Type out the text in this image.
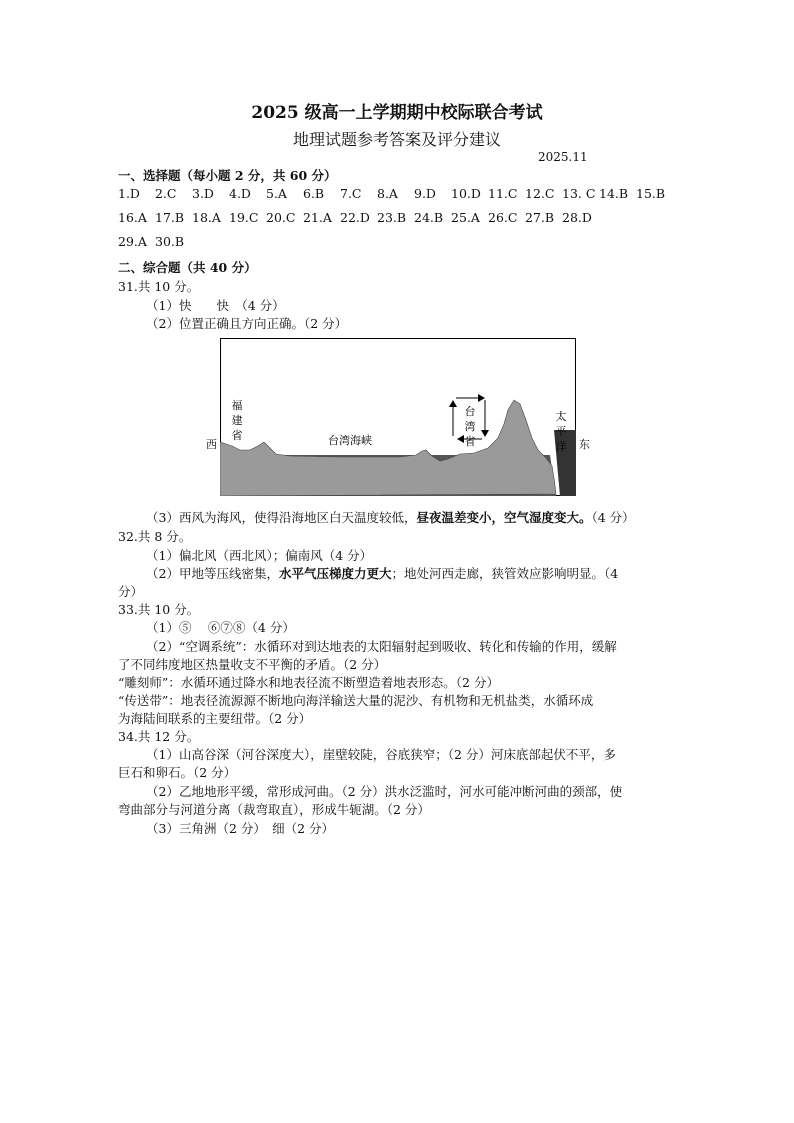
2025 级高一上学期期中校际联合考试
地理试题参考答案及评分建议
2025.11
一、选择题（每小题 2 分，共 60 分）
1.D	2.C	3.D	4.D	5.A	6.B	7.C	8.A	9.D	10.D 11.C 12.C 13. C 14.B 15.B
16.A 17.B 18.A 19.C 20.C 21.A 22.D 23.B 24.B 25.A 26.C 27.B 28.D
29.A 30.B
二、综合题（共 40 分）
31.共 10 分。
（1）快　　快　（4 分）
（2）位置正确且方向正确。（2 分）
福
建
省	台湾海峡
台
湾
省
太
平
洋
西	东
（3）西风为海风，使得沿海地区白天温度较低，昼夜温差变小，空气湿度变大。（4 分）
32.共 8 分。
（1）偏北风（西北风）；偏南风（4 分）
（2）甲地等压线密集，水平气压梯度力更大；地处河西走廊，狭管效应影响明显。（4
分）
33.共 10 分。
（1）⑤　 ⑥⑦⑧（4 分）
（2）“空调系统”：水循环对到达地表的太阳辐射起到吸收、转化和传输的作用，缓解
了不同纬度地区热量收支不平衡的矛盾。（2 分）
“雕刻师”：水循环通过降水和地表径流不断塑造着地表形态。（2 分）
“传送带”：地表径流源源不断地向海洋输送大量的泥沙、有机物和无机盐类，水循环成
为海陆间联系的主要纽带。（2 分）
34.共 12 分。
（1）山高谷深（河谷深度大），崖壁较陡，谷底狭窄；（2 分）河床底部起伏不平，多
巨石和卵石。（2 分）
（2）乙地地形平缓，常形成河曲。（2 分）洪水泛滥时，河水可能冲断河曲的颈部，使
弯曲部分与河道分离（裁弯取直），形成牛轭湖。（2 分）
（3）三角洲（2 分）　细（2 分）
